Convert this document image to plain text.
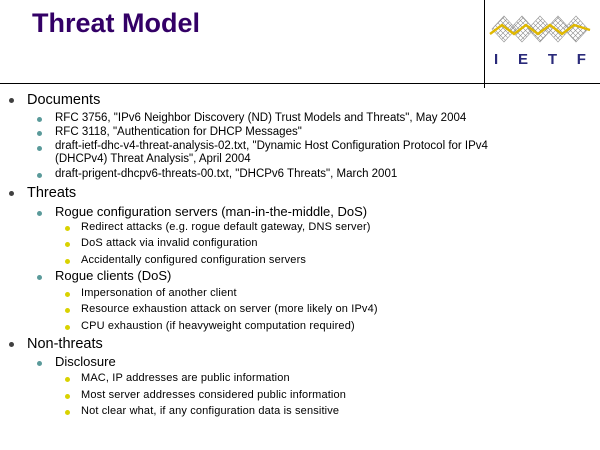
Threat Model
I E T F
Documents
RFC 3756, "IPv6 Neighbor Discovery (ND) Trust Models and Threats", May 2004
RFC 3118, "Authentication for DHCP Messages"
draft-ietf-dhc-v4-threat-analysis-02.txt, "Dynamic Host Configuration Protocol for IPv4 (DHCPv4) Threat Analysis", April 2004
draft-prigent-dhcpv6-threats-00.txt, "DHCPv6 Threats", March 2001
Threats
Rogue configuration servers (man-in-the-middle, DoS)
Redirect attacks (e.g. rogue default gateway, DNS server)
DoS attack via invalid configuration
Accidentally configured configuration servers
Rogue clients (DoS)
Impersonation of another client
Resource exhaustion attack on server (more likely on IPv4)
CPU exhaustion (if heavyweight computation required)
Non-threats
Disclosure
MAC, IP addresses are public information
Most server addresses considered public information
Not clear what, if any configuration data is sensitive
